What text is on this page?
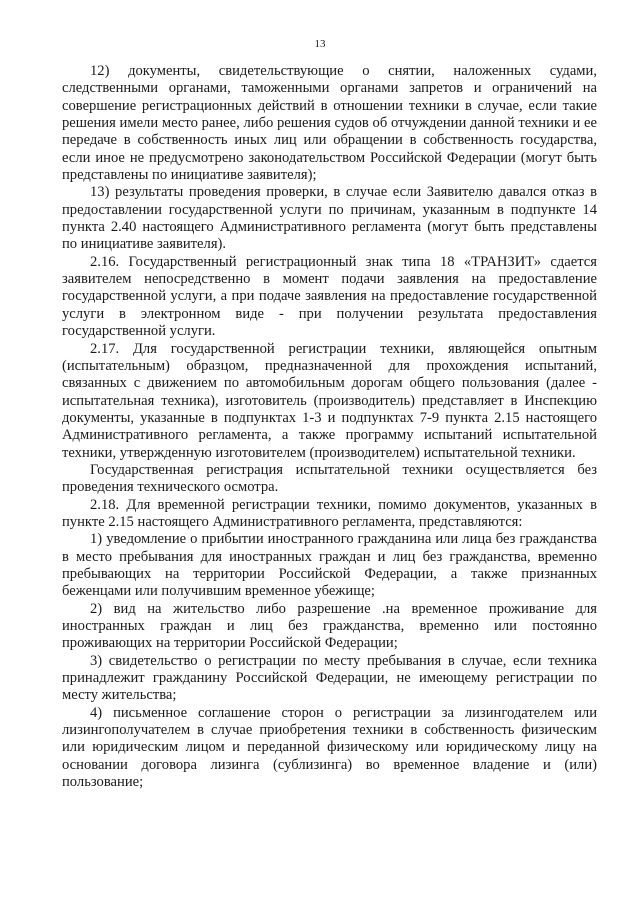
13

12) документы, свидетельствующие о снятии, наложенных судами, следственными органами, таможенными органами запретов и ограничений на совершение регистрационных действий в отношении техники в случае, если такие решения имели место ранее, либо решения судов об отчуждении данной техники и ее передаче в собственность иных лиц или обращении в собственность государства, если иное не предусмотрено законодательством Российской Федерации (могут быть представлены по инициативе заявителя);

13) результаты проведения проверки, в случае если Заявителю давался отказ в предоставлении государственной услуги по причинам, указанным в подпункте 14 пункта 2.40 настоящего Административного регламента (могут быть представлены по инициативе заявителя).

2.16. Государственный регистрационный знак типа 18 «ТРАНЗИТ» сдается заявителем непосредственно в момент подачи заявления на предоставление государственной услуги, а при подаче заявления на предоставление государственной услуги в электронном виде - при получении результата предоставления государственной услуги.

2.17. Для государственной регистрации техники, являющейся опытным (испытательным) образцом, предназначенной для прохождения испытаний, связанных с движением по автомобильным дорогам общего пользования (далее - испытательная техника), изготовитель (производитель) представляет в Инспекцию документы, указанные в подпунктах 1-3 и подпунктах 7-9 пункта 2.15 настоящего Административного регламента, а также программу испытаний испытательной техники, утвержденную изготовителем (производителем) испытательной техники.

Государственная регистрация испытательной техники осуществляется без проведения технического осмотра.

2.18. Для временной регистрации техники, помимо документов, указанных в пункте 2.15 настоящего Административного регламента, представляются:

1) уведомление о прибытии иностранного гражданина или лица без гражданства в место пребывания для иностранных граждан и лиц без гражданства, временно пребывающих на территории Российской Федерации, а также признанных беженцами или получившим временное убежище;

2) вид на жительство либо разрешение .на временное проживание для иностранных граждан и лиц без гражданства, временно или постоянно проживающих на территории Российской Федерации;

3) свидетельство о регистрации по месту пребывания в случае, если техника принадлежит гражданину Российской Федерации, не имеющему регистрации по месту жительства;

4) письменное соглашение сторон о регистрации за лизингодателем или лизингополучателем в случае приобретения техники в собственность физическим или юридическим лицом и переданной физическому или юридическому лицу на основании договора лизинга (сублизинга) во временное владение и (или) пользование;
